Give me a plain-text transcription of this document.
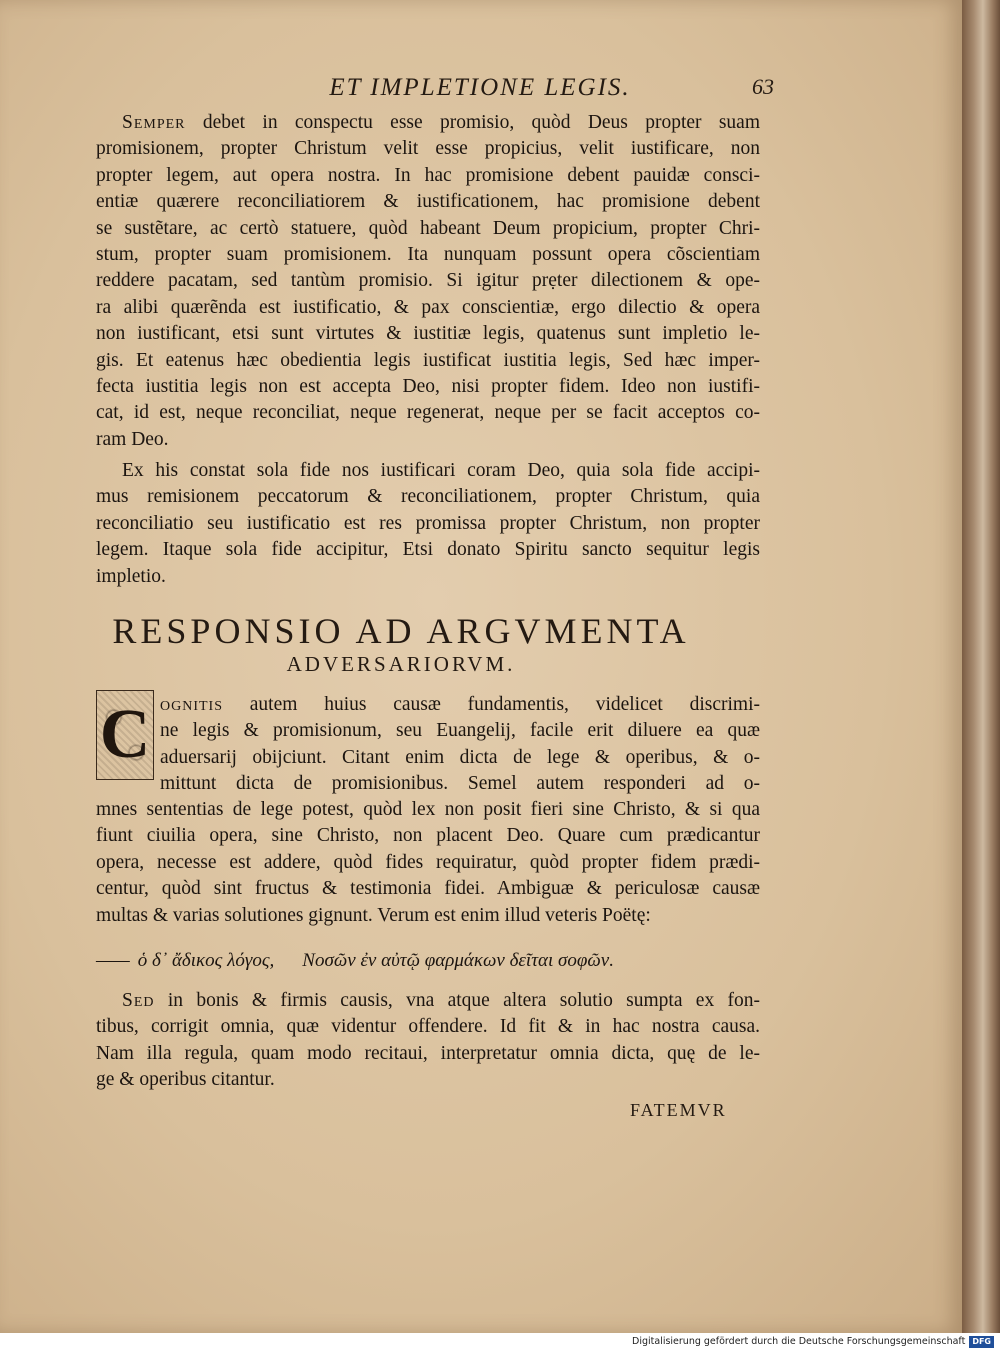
ET IMPLETIONE LEGIS.	63
Semper debet in conspectu esse promisio, quòd Deus propter suam
promisionem, propter Christum velit esse propicius, velit iustificare, non
propter legem, aut opera nostra. In hac promisione debent pauidæ consci-
entiæ quærere reconciliatiorem & iustificationem, hac promisione debent
se sustẽtare, ac certò statuere, quòd habeant Deum propicium, propter Chri-
stum, propter suam promisionem. Ita nunquam possunt opera cõscientiam
reddere pacatam, sed tantùm promisio. Si igitur prẹter dilectionem & ope-
ra alibi quærẽnda est iustificatio, & pax conscientiæ, ergo dilectio & opera
non iustificant, etsi sunt virtutes & iustitiæ legis, quatenus sunt impletio le-
gis. Et eatenus hæc obedientia legis iustificat iustitia legis, Sed hæc imper-
fecta iustitia legis non est accepta Deo, nisi propter fidem. Ideo non iustifi-
cat, id est, neque reconciliat, neque regenerat, neque per se facit acceptos co-
ram Deo.
Ex his constat sola fide nos iustificari coram Deo, quia sola fide accipi-
mus remisionem peccatorum & reconciliationem, propter Christum, quia
reconciliatio seu iustificatio est res promissa propter Christum, non propter
legem. Itaque sola fide accipitur, Etsi donato Spiritu sancto sequitur legis
impletio.
RESPONSIO AD ARGVMENTA
ADVERSARIORVM.
C ognitis autem huius causæ fundamentis, videlicet discrimi-
ne legis & promisionum, seu Euangelij, facile erit diluere ea quæ
aduersarij obijciunt. Citant enim dicta de lege & operibus, & o-
mittunt dicta de promisionibus. Semel autem responderi ad o-
mnes sententias de lege potest, quòd lex non posit fieri sine Christo, & si qua
fiunt ciuilia opera, sine Christo, non placent Deo. Quare cum prædicantur
opera, necesse est addere, quòd fides requiratur, quòd propter fidem prædi-
centur, quòd sint fructus & testimonia fidei. Ambiguæ & periculosæ causæ
multas & varias solutiones gignunt. Verum est enim illud veteris Poëtę:
—— ὁ δ᾽ ἄδικος λόγος, Νοσῶν ἐν αὐτῷ φαρμάκων δεῖται σοφῶν.
Sed in bonis & firmis causis, vna atque altera solutio sumpta ex fon-
tibus, corrigit omnia, quæ videntur offendere. Id fit & in hac nostra causa.
Nam illa regula, quam modo recitaui, interpretatur omnia dicta, quę de le-
ge & operibus citantur.
FATEMVR
Digitalisierung gefördert durch die Deutsche Forschungsgemeinschaft DFG
